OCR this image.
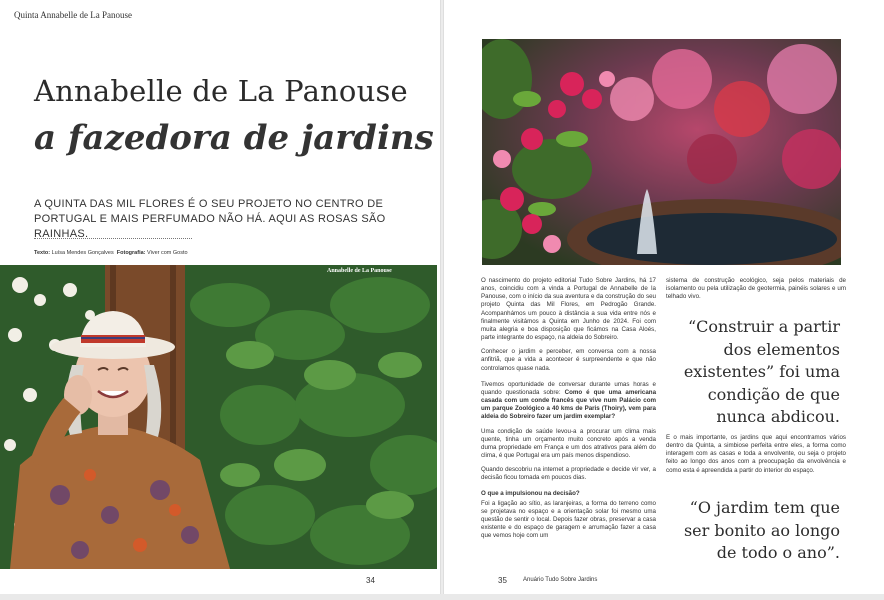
Quinta Annabelle de La Panouse
Annabelle de La Panouse
a fazedora de jardins

A QUINTA DAS MIL FLORES É O SEU PROJETO NO CENTRO DE PORTUGAL E MAIS PERFUMADO NÃO HÁ. AQUI AS ROSAS SÃO RAINHAS.

Texto: Luísa Mendes Gonçalves Fotografia: Viver com Gosto
Annabelle de La Panouse
34

O nascimento do projeto editorial Tudo Sobre Jardins, há 17 anos, coincidiu com a vinda a Portugal de Annabelle de la Panouse, com o início da sua aventura e da construção do seu projeto Quinta das Mil Flores, em Pedrogão Grande. Acompanhámos um pouco à distância a sua vida entre nós e finalmente visitámos a Quinta em Junho de 2024. Foi com muita alegria e boa disposição que ficámos na Casa Aloés, parte integrante do espaço, na aldeia do Sobreiro.

Conhecer o jardim e perceber, em conversa com a nossa anfitriã, que a vida a acontecer é surpreendente e que não controlamos quase nada.

Tivemos oportunidade de conversar durante umas horas e quando questionada sobre: Como é que uma americana casada com um conde francês que vive num Palácio com um parque Zoológico a 40 kms de Paris (Thoiry), vem para aldeia do Sobreiro fazer um jardim exemplar?

Uma condição de saúde levou-a a procurar um clima mais quente, tinha um orçamento muito concreto após a venda duma propriedade em França e um dos atrativos para além do clima, é que Portugal era um país menos dispendioso.

Quando descobriu na internet a propriedade e decide vir ver, a decisão ficou tomada em poucos dias.

O que a impulsionou na decisão?

Foi a ligação ao sítio, as laranjeiras, a forma do terreno como se projetava no espaço e a orientação solar foi mesmo uma questão de sentir o local. Depois fazer obras, preservar a casa existente e do espaço de garagem e arrumação fazer a casa que vemos hoje com um

sistema de construção ecológico, seja pelos materiais de isolamento ou pela utilização de geotermia, painéis solares e um telhado vivo.

“Construir a partir dos elementos existentes” foi uma condição de que nunca abdicou.

E o mais importante, os jardins que aqui encontramos vários dentro da Quinta, a simbiose perfeita entre eles, a forma como interagem com as casas e toda a envolvente, ou seja o projeto feito ao longo dos anos com a preocupação da envolvência e como esta é apreendida a partir do interior do espaço.

“O jardim tem que ser bonito ao longo de todo o ano”.

35	Anuário Tudo Sobre Jardins
